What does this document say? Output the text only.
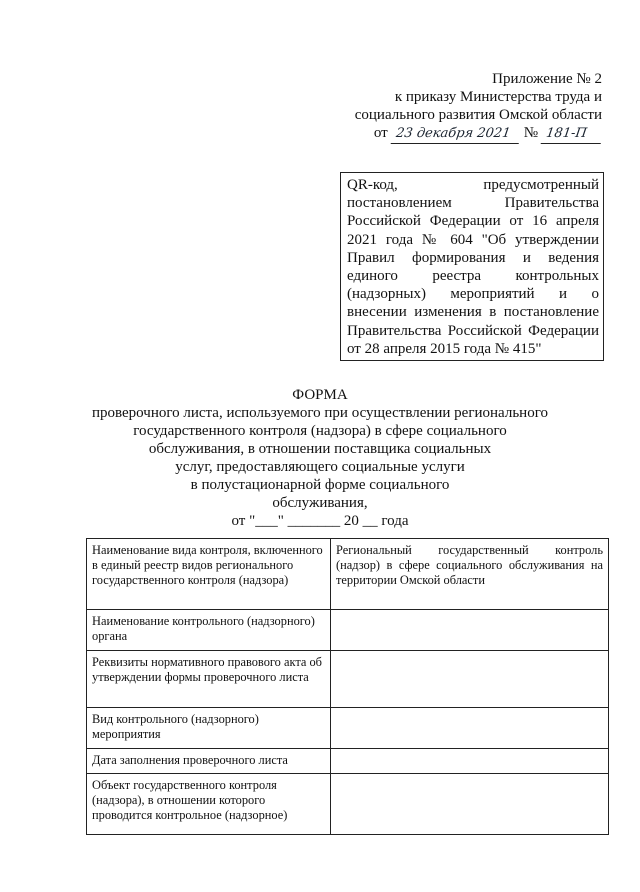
Приложение № 2
к приказу Министерства труда и
социального развития Омской области
от 23 декабря 2021 № 181-П
QR-код, предусмотренный постановлением Правительства Российской Федерации от 16 апреля 2021 года № 604 "Об утверждении Правил формирования и ведения единого реестра контрольных (надзорных) мероприятий и о внесении изменения в постановление Правительства Российской Федерации от 28 апреля 2015 года № 415"

ФОРМА

проверочного листа, используемого при осуществлении регионального

государственного контроля (надзора) в сфере социального

обслуживания, в отношении поставщика социальных

услуг, предоставляющего социальные услуги

в полустационарной форме социального

обслуживания,

от "___" _______ 20 __ года

Наименование вида контроля, включенного в единый реестр видов регионального государственного контроля (надзора)	Региональный государственный контроль (надзор) в сфере социального обслуживания на территории Омской области
Наименование контрольного (надзорного) органа	
Реквизиты нормативного правового акта об утверждении формы проверочного листа	
Вид контрольного (надзорного) мероприятия	
Дата заполнения проверочного листа	
Объект государственного контроля (надзора), в отношении которого проводится контрольное (надзорное)	
